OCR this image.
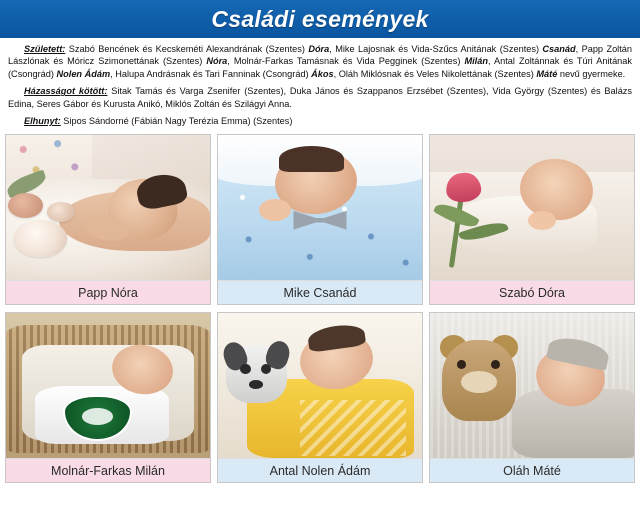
Családi események

Született: Szabó Bencének és Kecskeméti Alexandrának (Szentes) Dóra, Mike Lajosnak és Vida-Szűcs Anitának (Szentes) Csanád, Papp Zoltán Lászlónak és Móricz Szimonettának (Szentes) Nóra, Molnár-Farkas Tamásnak és Vida Pegginek (Szentes) Milán, Antal Zoltánnak és Túri Anitának (Csongrád) Nolen Ádám, Halupa Andrásnak és Tari Fanninak (Csongrád) Ákos, Oláh Miklósnak és Veles Nikolettának (Szentes) Máté nevű gyermeke.

Házasságot kötött: Sitak Tamás és Varga Zsenifer (Szentes), Duka János és Szappanos Erzsébet (Szentes), Vida György (Szentes) és Balázs Edina, Seres Gábor és Kurusta Anikó, Miklós Zoltán és Szilágyi Anna.

Elhunyt: Sipos Sándorné (Fábián Nagy Terézia Emma) (Szentes)

Papp Nóra	Mike Csanád	Szabó Dóra
Molnár-Farkas Milán	Antal Nolen Ádám	Oláh Máté
